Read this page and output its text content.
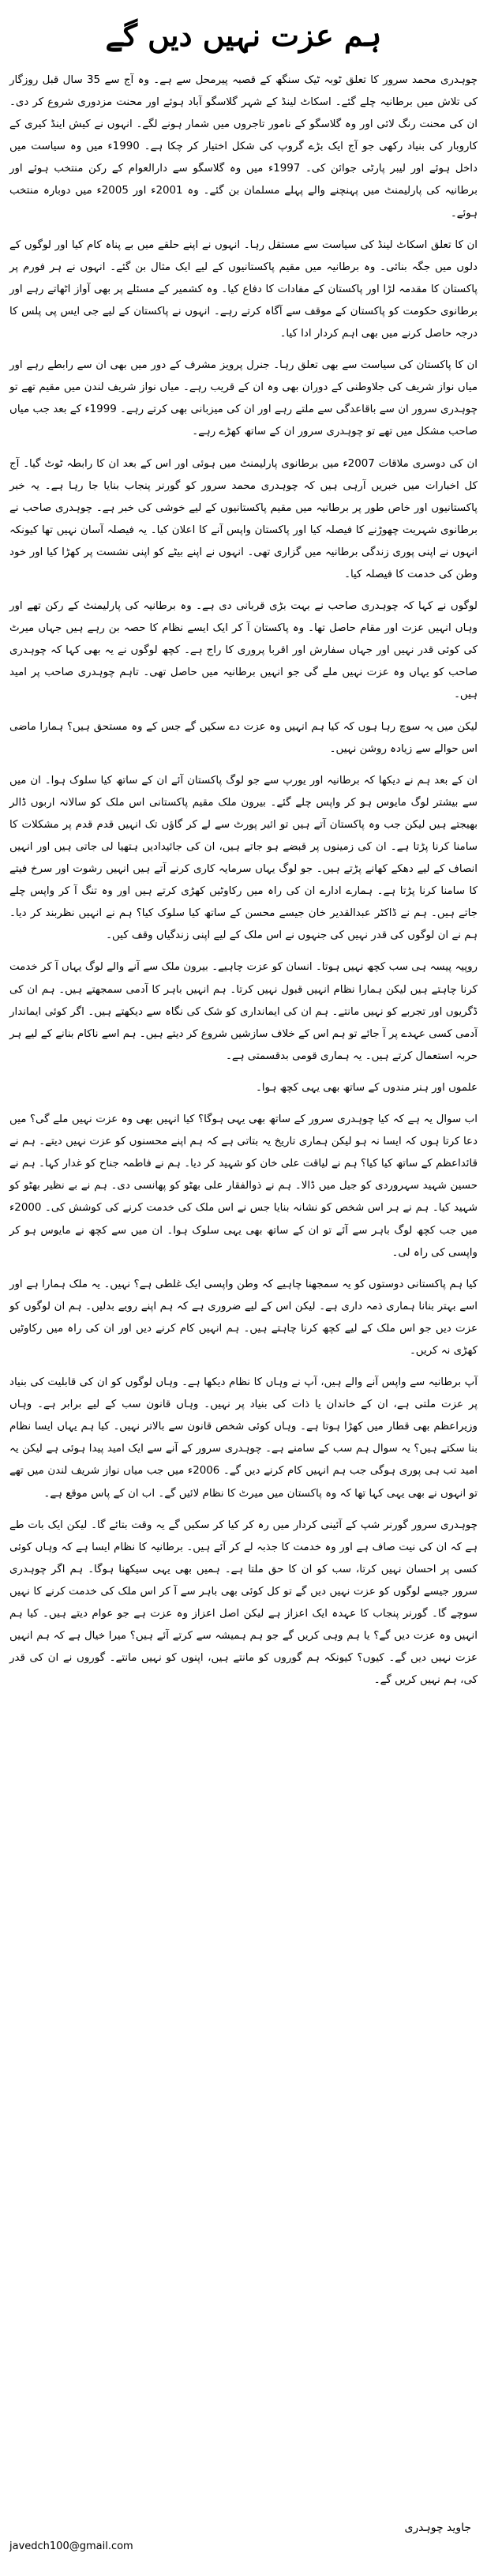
ہم عزت نہیں دیں گے

چوہدری محمد سرور کا تعلق ٹوبہ ٹیک سنگھ کے قصبہ پیرمحل سے ہے۔ وہ آج سے 35 سال قبل روزگار کی تلاش میں برطانیہ چلے گئے۔ اسکاٹ لینڈ کے شہر گلاسگو آباد ہوئے اور محنت مزدوری شروع کر دی۔ ان کی محنت رنگ لائی اور وہ گلاسگو کے نامور تاجروں میں شمار ہونے لگے۔ انہوں نے کیش اینڈ کیری کے کاروبار کی بنیاد رکھی جو آج ایک بڑے گروپ کی شکل اختیار کر چکا ہے۔ 1990ء میں وہ سیاست میں داخل ہوئے اور لیبر پارٹی جوائن کی۔ 1997ء میں وہ گلاسگو سے دارالعوام کے رکن منتخب ہوئے اور برطانیہ کی پارلیمنٹ میں پہنچنے والے پہلے مسلمان بن گئے۔ وہ 2001ء اور 2005ء میں دوبارہ منتخب ہوئے۔

ان کا تعلق اسکاٹ لینڈ کی سیاست سے مستقل رہا۔ انہوں نے اپنے حلقے میں بے پناہ کام کیا اور لوگوں کے دلوں میں جگہ بنائی۔ وہ برطانیہ میں مقیم پاکستانیوں کے لیے ایک مثال بن گئے۔ انہوں نے ہر فورم پر پاکستان کا مقدمہ لڑا اور پاکستان کے مفادات کا دفاع کیا۔ وہ کشمیر کے مسئلے پر بھی آواز اٹھاتے رہے اور برطانوی حکومت کو پاکستان کے موقف سے آگاہ کرتے رہے۔ انہوں نے پاکستان کے لیے جی ایس پی پلس کا درجہ حاصل کرنے میں بھی اہم کردار ادا کیا۔

ان کا پاکستان کی سیاست سے بھی تعلق رہا۔ جنرل پرویز مشرف کے دور میں بھی ان سے رابطے رہے اور میاں نواز شریف کی جلاوطنی کے دوران بھی وہ ان کے قریب رہے۔ میاں نواز شریف لندن میں مقیم تھے تو چوہدری سرور ان سے باقاعدگی سے ملتے رہے اور ان کی میزبانی بھی کرتے رہے۔ 1999ء کے بعد جب میاں صاحب مشکل میں تھے تو چوہدری سرور ان کے ساتھ کھڑے رہے۔

ان کی دوسری ملاقات 2007ء میں برطانوی پارلیمنٹ میں ہوئی اور اس کے بعد ان کا رابطہ ٹوٹ گیا۔ آج کل اخبارات میں خبریں آرہی ہیں کہ چوہدری محمد سرور کو گورنر پنجاب بنایا جا رہا ہے۔ یہ خبر پاکستانیوں اور خاص طور پر برطانیہ میں مقیم پاکستانیوں کے لیے خوشی کی خبر ہے۔ چوہدری صاحب نے برطانوی شہریت چھوڑنے کا فیصلہ کیا اور پاکستان واپس آنے کا اعلان کیا۔ یہ فیصلہ آسان نہیں تھا کیونکہ انہوں نے اپنی پوری زندگی برطانیہ میں گزاری تھی۔ انہوں نے اپنے بیٹے کو اپنی نشست پر کھڑا کیا اور خود وطن کی خدمت کا فیصلہ کیا۔

لوگوں نے کہا کہ چوہدری صاحب نے بہت بڑی قربانی دی ہے۔ وہ برطانیہ کی پارلیمنٹ کے رکن تھے اور وہاں انہیں عزت اور مقام حاصل تھا۔ وہ پاکستان آ کر ایک ایسے نظام کا حصہ بن رہے ہیں جہاں میرٹ کی کوئی قدر نہیں اور جہاں سفارش اور اقربا پروری کا راج ہے۔ کچھ لوگوں نے یہ بھی کہا کہ چوہدری صاحب کو یہاں وہ عزت نہیں ملے گی جو انہیں برطانیہ میں حاصل تھی۔ تاہم چوہدری صاحب پر امید ہیں۔

لیکن میں یہ سوچ رہا ہوں کہ کیا ہم انہیں وہ عزت دے سکیں گے جس کے وہ مستحق ہیں؟ ہمارا ماضی اس حوالے سے زیادہ روشن نہیں۔

ان کے بعد ہم نے دیکھا کہ برطانیہ اور یورپ سے جو لوگ پاکستان آئے ان کے ساتھ کیا سلوک ہوا۔ ان میں سے بیشتر لوگ مایوس ہو کر واپس چلے گئے۔ بیرون ملک مقیم پاکستانی اس ملک کو سالانہ اربوں ڈالر بھیجتے ہیں لیکن جب وہ پاکستان آتے ہیں تو ائیر پورٹ سے لے کر گاؤں تک انہیں قدم قدم پر مشکلات کا سامنا کرنا پڑتا ہے۔ ان کی زمینوں پر قبضے ہو جاتے ہیں، ان کی جائیدادیں ہتھیا لی جاتی ہیں اور انہیں انصاف کے لیے دھکے کھانے پڑتے ہیں۔ جو لوگ یہاں سرمایہ کاری کرنے آتے ہیں انہیں رشوت اور سرخ فیتے کا سامنا کرنا پڑتا ہے۔ ہمارے ادارے ان کی راہ میں رکاوٹیں کھڑی کرتے ہیں اور وہ تنگ آ کر واپس چلے جاتے ہیں۔ ہم نے ڈاکٹر عبدالقدیر خان جیسے محسن کے ساتھ کیا سلوک کیا؟ ہم نے انہیں نظربند کر دیا۔ ہم نے ان لوگوں کی قدر نہیں کی جنہوں نے اس ملک کے لیے اپنی زندگیاں وقف کیں۔

روپیہ پیسہ ہی سب کچھ نہیں ہوتا۔ انسان کو عزت چاہیے۔ بیرون ملک سے آنے والے لوگ یہاں آ کر خدمت کرنا چاہتے ہیں لیکن ہمارا نظام انہیں قبول نہیں کرتا۔ ہم انہیں باہر کا آدمی سمجھتے ہیں۔ ہم ان کی ڈگریوں اور تجربے کو نہیں مانتے۔ ہم ان کی ایمانداری کو شک کی نگاہ سے دیکھتے ہیں۔ اگر کوئی ایماندار آدمی کسی عہدے پر آ جائے تو ہم اس کے خلاف سازشیں شروع کر دیتے ہیں۔ ہم اسے ناکام بنانے کے لیے ہر حربہ استعمال کرتے ہیں۔ یہ ہماری قومی بدقسمتی ہے۔

علموں اور ہنر مندوں کے ساتھ بھی یہی کچھ ہوا۔

اب سوال یہ ہے کہ کیا چوہدری سرور کے ساتھ بھی یہی ہوگا؟ کیا انہیں بھی وہ عزت نہیں ملے گی؟ میں دعا کرتا ہوں کہ ایسا نہ ہو لیکن ہماری تاریخ یہ بتاتی ہے کہ ہم اپنے محسنوں کو عزت نہیں دیتے۔ ہم نے قائداعظم کے ساتھ کیا کیا؟ ہم نے لیاقت علی خان کو شہید کر دیا۔ ہم نے فاطمہ جناح کو غدار کہا۔ ہم نے حسین شہید سہروردی کو جیل میں ڈالا۔ ہم نے ذوالفقار علی بھٹو کو پھانسی دی۔ ہم نے بے نظیر بھٹو کو شہید کیا۔ ہم نے ہر اس شخص کو نشانہ بنایا جس نے اس ملک کی خدمت کرنے کی کوشش کی۔ 2000ء میں جب کچھ لوگ باہر سے آئے تو ان کے ساتھ بھی یہی سلوک ہوا۔ ان میں سے کچھ نے مایوس ہو کر واپسی کی راہ لی۔

کیا ہم پاکستانی دوستوں کو یہ سمجھنا چاہیے کہ وطن واپسی ایک غلطی ہے؟ نہیں۔ یہ ملک ہمارا ہے اور اسے بہتر بنانا ہماری ذمہ داری ہے۔ لیکن اس کے لیے ضروری ہے کہ ہم اپنے رویے بدلیں۔ ہم ان لوگوں کو عزت دیں جو اس ملک کے لیے کچھ کرنا چاہتے ہیں۔ ہم انہیں کام کرنے دیں اور ان کی راہ میں رکاوٹیں کھڑی نہ کریں۔

آپ برطانیہ سے واپس آنے والے ہیں، آپ نے وہاں کا نظام دیکھا ہے۔ وہاں لوگوں کو ان کی قابلیت کی بنیاد پر عزت ملتی ہے، ان کے خاندان یا ذات کی بنیاد پر نہیں۔ وہاں قانون سب کے لیے برابر ہے۔ وہاں وزیراعظم بھی قطار میں کھڑا ہوتا ہے۔ وہاں کوئی شخص قانون سے بالاتر نہیں۔ کیا ہم یہاں ایسا نظام بنا سکتے ہیں؟ یہ سوال ہم سب کے سامنے ہے۔ چوہدری سرور کے آنے سے ایک امید پیدا ہوئی ہے لیکن یہ امید تب ہی پوری ہوگی جب ہم انہیں کام کرنے دیں گے۔ 2006ء میں جب میاں نواز شریف لندن میں تھے تو انہوں نے بھی یہی کہا تھا کہ وہ پاکستان میں میرٹ کا نظام لائیں گے۔ اب ان کے پاس موقع ہے۔

چوہدری سرور گورنر شپ کے آئینی کردار میں رہ کر کیا کر سکیں گے یہ وقت بتائے گا۔ لیکن ایک بات طے ہے کہ ان کی نیت صاف ہے اور وہ خدمت کا جذبہ لے کر آئے ہیں۔ برطانیہ کا نظام ایسا ہے کہ وہاں کوئی کسی پر احسان نہیں کرتا، سب کو ان کا حق ملتا ہے۔ ہمیں بھی یہی سیکھنا ہوگا۔ ہم اگر چوہدری سرور جیسے لوگوں کو عزت نہیں دیں گے تو کل کوئی بھی باہر سے آ کر اس ملک کی خدمت کرنے کا نہیں سوچے گا۔ گورنر پنجاب کا عہدہ ایک اعزاز ہے لیکن اصل اعزاز وہ عزت ہے جو عوام دیتے ہیں۔ کیا ہم انہیں وہ عزت دیں گے؟ یا ہم وہی کریں گے جو ہم ہمیشہ سے کرتے آئے ہیں؟ میرا خیال ہے کہ ہم انہیں عزت نہیں دیں گے۔ کیوں؟ کیونکہ ہم گوروں کو مانتے ہیں، اپنوں کو نہیں مانتے۔ گوروں نے ان کی قدر کی، ہم نہیں کریں گے۔

جاوید چوہدری
javedch100@gmail.com
